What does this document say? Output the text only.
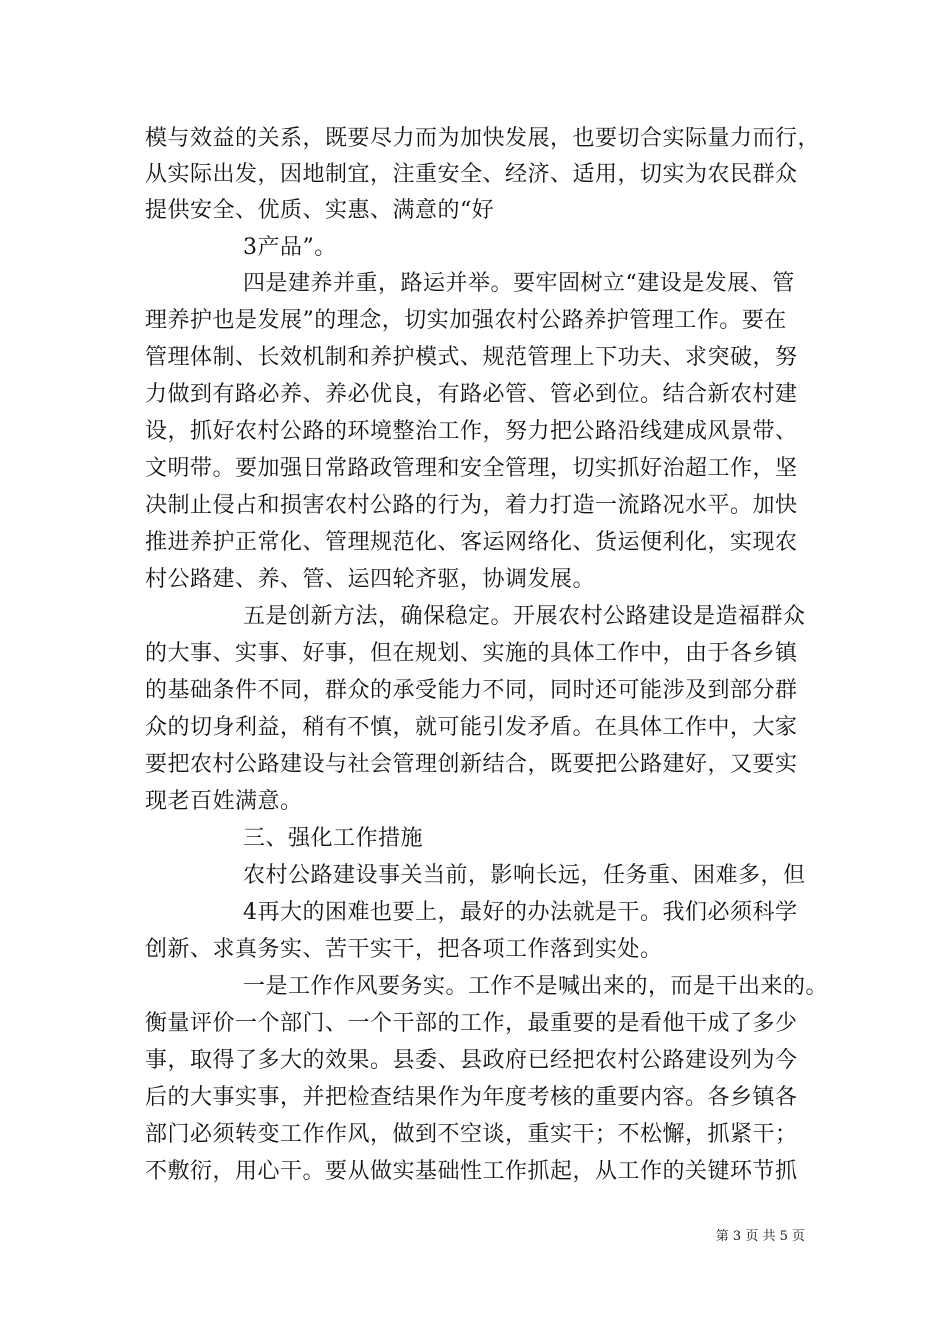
模与效益的关系，既要尽力而为加快发展，也要切合实际量力而行，
从实际出发，因地制宜，注重安全、经济、适用，切实为农民群众
提供安全、优质、实惠、满意的“好
3产品”。
四是建养并重，路运并举。要牢固树立“建设是发展、管
理养护也是发展”的理念，切实加强农村公路养护管理工作。要在
管理体制、长效机制和养护模式、规范管理上下功夫、求突破，努
力做到有路必养、养必优良，有路必管、管必到位。结合新农村建
设，抓好农村公路的环境整治工作，努力把公路沿线建成风景带、
文明带。要加强日常路政管理和安全管理，切实抓好治超工作，坚
决制止侵占和损害农村公路的行为，着力打造一流路况水平。加快
推进养护正常化、管理规范化、客运网络化、货运便利化，实现农
村公路建、养、管、运四轮齐驱，协调发展。
五是创新方法，确保稳定。开展农村公路建设是造福群众
的大事、实事、好事，但在规划、实施的具体工作中，由于各乡镇
的基础条件不同，群众的承受能力不同，同时还可能涉及到部分群
众的切身利益，稍有不慎，就可能引发矛盾。在具体工作中，大家
要把农村公路建设与社会管理创新结合，既要把公路建好，又要实
现老百姓满意。
三、强化工作措施
农村公路建设事关当前，影响长远，任务重、困难多，但
4再大的困难也要上，最好的办法就是干。我们必须科学
创新、求真务实、苦干实干，把各项工作落到实处。
一是工作作风要务实。工作不是喊出来的，而是干出来的。
衡量评价一个部门、一个干部的工作，最重要的是看他干成了多少
事，取得了多大的效果。县委、县政府已经把农村公路建设列为今
后的大事实事，并把检查结果作为年度考核的重要内容。各乡镇各
部门必须转变工作作风，做到不空谈，重实干；不松懈，抓紧干；
不敷衍，用心干。要从做实基础性工作抓起，从工作的关键环节抓
第 3 页 共 5 页
